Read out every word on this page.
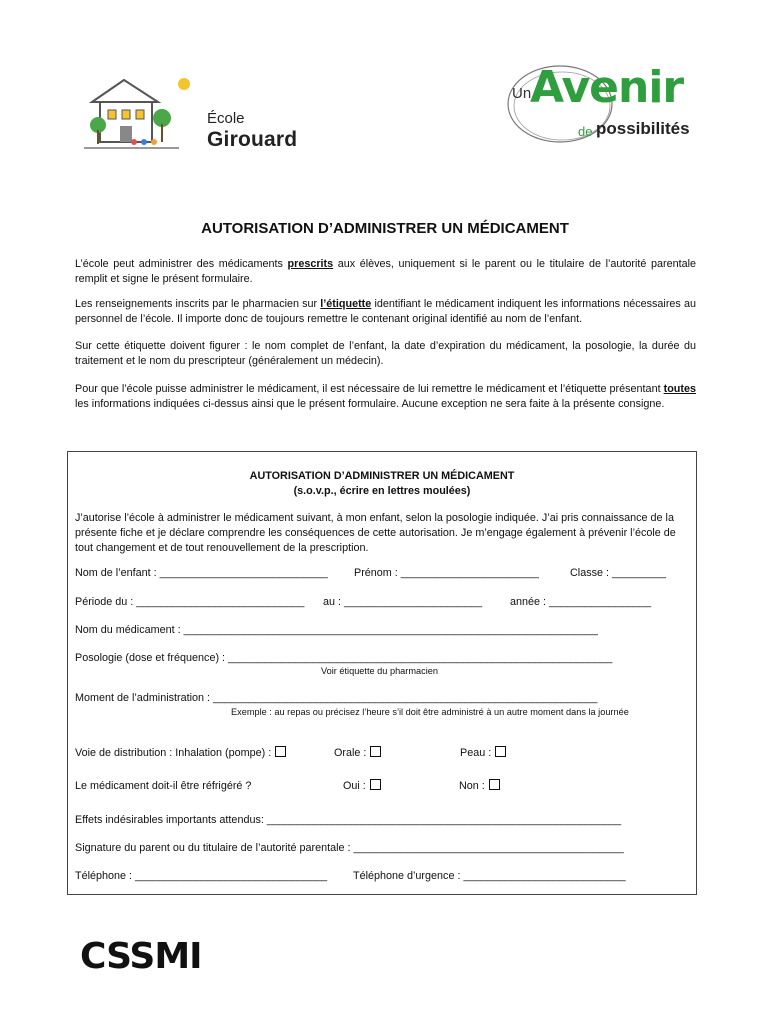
École
Girouard
Un
Avenir
de possibilités
AUTORISATION D’ADMINISTRER UN MÉDICAMENT
L’école peut administrer des médicaments prescrits aux élèves, uniquement si le parent ou le titulaire de l’autorité parentale remplit et signe le présent formulaire.
Les renseignements inscrits par le pharmacien sur l’étiquette identifiant le médicament indiquent les informations nécessaires au personnel de l’école. Il importe donc de toujours remettre le contenant original identifié au nom de l’enfant.
Sur cette étiquette doivent figurer : le nom complet de l’enfant, la date d’expiration du médicament, la posologie, la durée du traitement et le nom du prescripteur (généralement un médecin).
Pour que l’école puisse administrer le médicament, il est nécessaire de lui remettre le médicament et l’étiquette présentant toutes les informations indiquées ci-dessus ainsi que le présent formulaire. Aucune exception ne sera faite à la présente consigne.
AUTORISATION D’ADMINISTRER UN MÉDICAMENT
(s.o.v.p., écrire en lettres moulées)
J’autorise l’école à administrer le médicament suivant, à mon enfant, selon la posologie indiquée. J’ai pris connaissance de la présente fiche et je déclare comprendre les conséquences de cette autorisation. Je m’engage également à prévenir l’école de tout changement et de tout renouvellement de la prescription.
Nom de l’enfant : ____________________________ Prénom : _______________________	Classe : _________
Période du : ____________________________ au : _______________________	année : _________________
Nom du médicament : _____________________________________________________________________
Posologie (dose et fréquence) : ________________________________________________________________
Voir étiquette du pharmacien
Moment de l’administration : ________________________________________________________________
Exemple : au repas ou précisez l’heure s’il doit être administré à un autre moment dans la journée
Voie de distribution : Inhalation (pompe) :	Orale :	Peau :
Le médicament doit-il être réfrigéré ?	Oui :	Non :
Effets indésirables importants attendus: ___________________________________________________________
Signature du parent ou du titulaire de l’autorité parentale : _____________________________________________
Téléphone : ________________________________ Téléphone d’urgence : ___________________________
CSSMI
